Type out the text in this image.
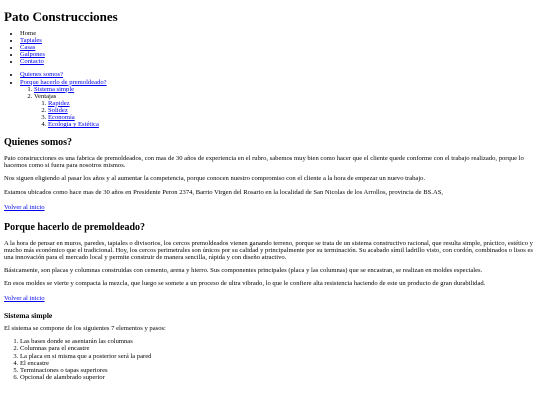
Pato Construcciones
• Home
• Tapiales
• Casas
• Galpones
• Contacto
• Quienes somos?
• Porque hacerlo de premoldeado?
1. Sistema simple
2. Ventajas
1. Rapidez
2. Solidez
3. Economía
4. Ecologia y Estética
Quienes somos?

Pato construcciones es una fabrica de premoldeados, con mas de 30 años de experiencia en el rubro, sabemos muy bien como hacer que el cliente quede conforme con el trabajo realizado, porque lo hacemos como si fuera para nosotros mismos.

Nos siguen eligiendo al pasar los años y al aumentar la competencia, porque conocen nuestro compromiso con el cliente a la hora de empezar un nuevo trabajo.

Estamos ubicados como hace mas de 30 años en Presidente Peron 2374, Barrio Virgen del Rosario en la localidad de San Nicolas de los Arrollos, provincia de BS.AS,

Volver al inicio
Porque hacerlo de premoldeado?

A la hora de pensar en muros, paredes, tapiales o divisorios, los cercos premoldeados vienen ganando terreno, porque se trata de un sistema constructivo racional, que resulta simple, práctico, estético y mucho más económico que el tradicional. Hoy, los cercos perimetrales son únicos por su calidad y principalmente por su terminación. Su acabado símil ladrillo visto, con cordón, combinados o lisos es una innovación para el mercado local y permite construir de manera sencilla, rápida y con diseño atractivo.

Básicamente, son placas y columnas construidas con cemento, arena y hierro. Sus componentes principales (placa y las columnas) que se encastran, se realizan en moldes especiales.

En esos moldes se vierte y compacta la mezcla, que luego se somete a un proceso de ultra vibrado, lo que le confiere alta resistencia haciendo de este un producto de gran durabilidad.

Volver al inicio
Sistema simple

El sistema se compone de los siguientes 7 elementos y pasos:

1. Las bases donde se asentarán las columnas
2. Columnas para el encastre
3. La placa en si misma que a posterior será la pared
4. El encastre
5. Terminaciones o tapas superiores
6. Opcional de alambrado superior
